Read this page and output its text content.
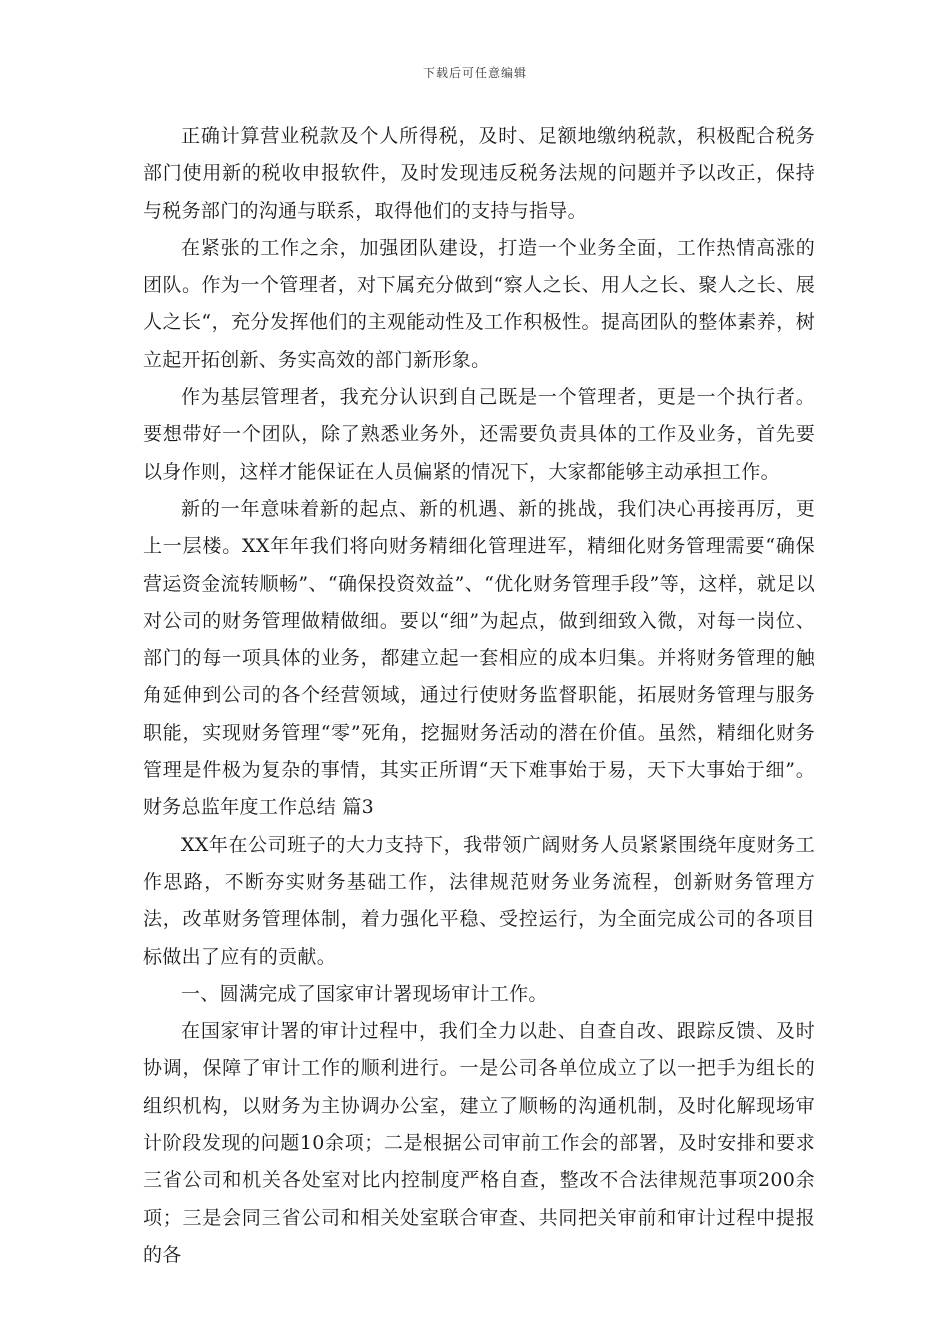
下载后可任意编辑

正确计算营业税款及个人所得税，及时、足额地缴纳税款，积极配合税务部门使用新的税收申报软件，及时发现违反税务法规的问题并予以改正，保持与税务部门的沟通与联系，取得他们的支持与指导。

在紧张的工作之余，加强团队建设，打造一个业务全面，工作热情高涨的团队。作为一个管理者，对下属充分做到“察人之长、用人之长、聚人之长、展人之长“，充分发挥他们的主观能动性及工作积极性。提高团队的整体素养，树立起开拓创新、务实高效的部门新形象。

作为基层管理者，我充分认识到自己既是一个管理者，更是一个执行者。要想带好一个团队，除了熟悉业务外，还需要负责具体的工作及业务，首先要以身作则，这样才能保证在人员偏紧的情况下，大家都能够主动承担工作。

新的一年意味着新的起点、新的机遇、新的挑战，我们决心再接再厉，更上一层楼。XX年年我们将向财务精细化管理进军，精细化财务管理需要“确保营运资金流转顺畅”、“确保投资效益”、“优化财务管理手段”等，这样，就足以对公司的财务管理做精做细。要以“细”为起点，做到细致入微，对每一岗位、部门的每一项具体的业务，都建立起一套相应的成本归集。并将财务管理的触角延伸到公司的各个经营领域，通过行使财务监督职能，拓展财务管理与服务职能，实现财务管理“零”死角，挖掘财务活动的潜在价值。虽然，精细化财务管理是件极为复杂的事情，其实正所谓“天下难事始于易，天下大事始于细”。财务总监年度工作总结 篇3

XX年在公司班子的大力支持下，我带领广阔财务人员紧紧围绕年度财务工作思路，不断夯实财务基础工作，法律规范财务业务流程，创新财务管理方法，改革财务管理体制，着力强化平稳、受控运行，为全面完成公司的各项目标做出了应有的贡献。

一、圆满完成了国家审计署现场审计工作。

在国家审计署的审计过程中，我们全力以赴、自查自改、跟踪反馈、及时协调，保障了审计工作的顺利进行。一是公司各单位成立了以一把手为组长的组织机构，以财务为主协调办公室，建立了顺畅的沟通机制，及时化解现场审计阶段发现的问题10余项；二是根据公司审前工作会的部署，及时安排和要求三省公司和机关各处室对比内控制度严格自查，整改不合法律规范事项200余项；三是会同三省公司和相关处室联合审查、共同把关审前和审计过程中提报的各
